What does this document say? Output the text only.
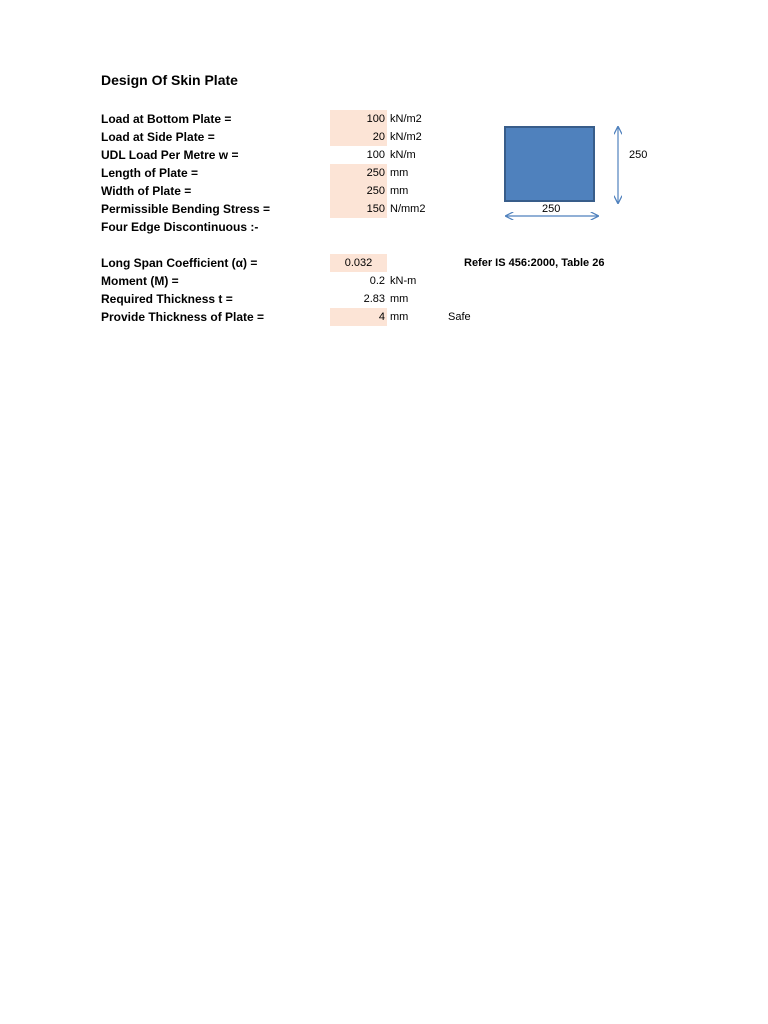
Design Of Skin Plate
Load at Bottom Plate =	100 kN/m2
Load at Side Plate =	20 kN/m2
UDL Load Per Metre w =	100 kN/m
Length of Plate =	250 mm
Width of Plate =	250 mm
Permissible Bending Stress =	150 N/mm2
Four Edge Discontinuous :-
Long Span Coefficient (α) =	0.032	Refer IS 456:2000, Table 26
Moment (M) =	0.2 kN-m
Required Thickness t =	2.83 mm
Provide Thickness of Plate =	4 mm	Safe
250
250
